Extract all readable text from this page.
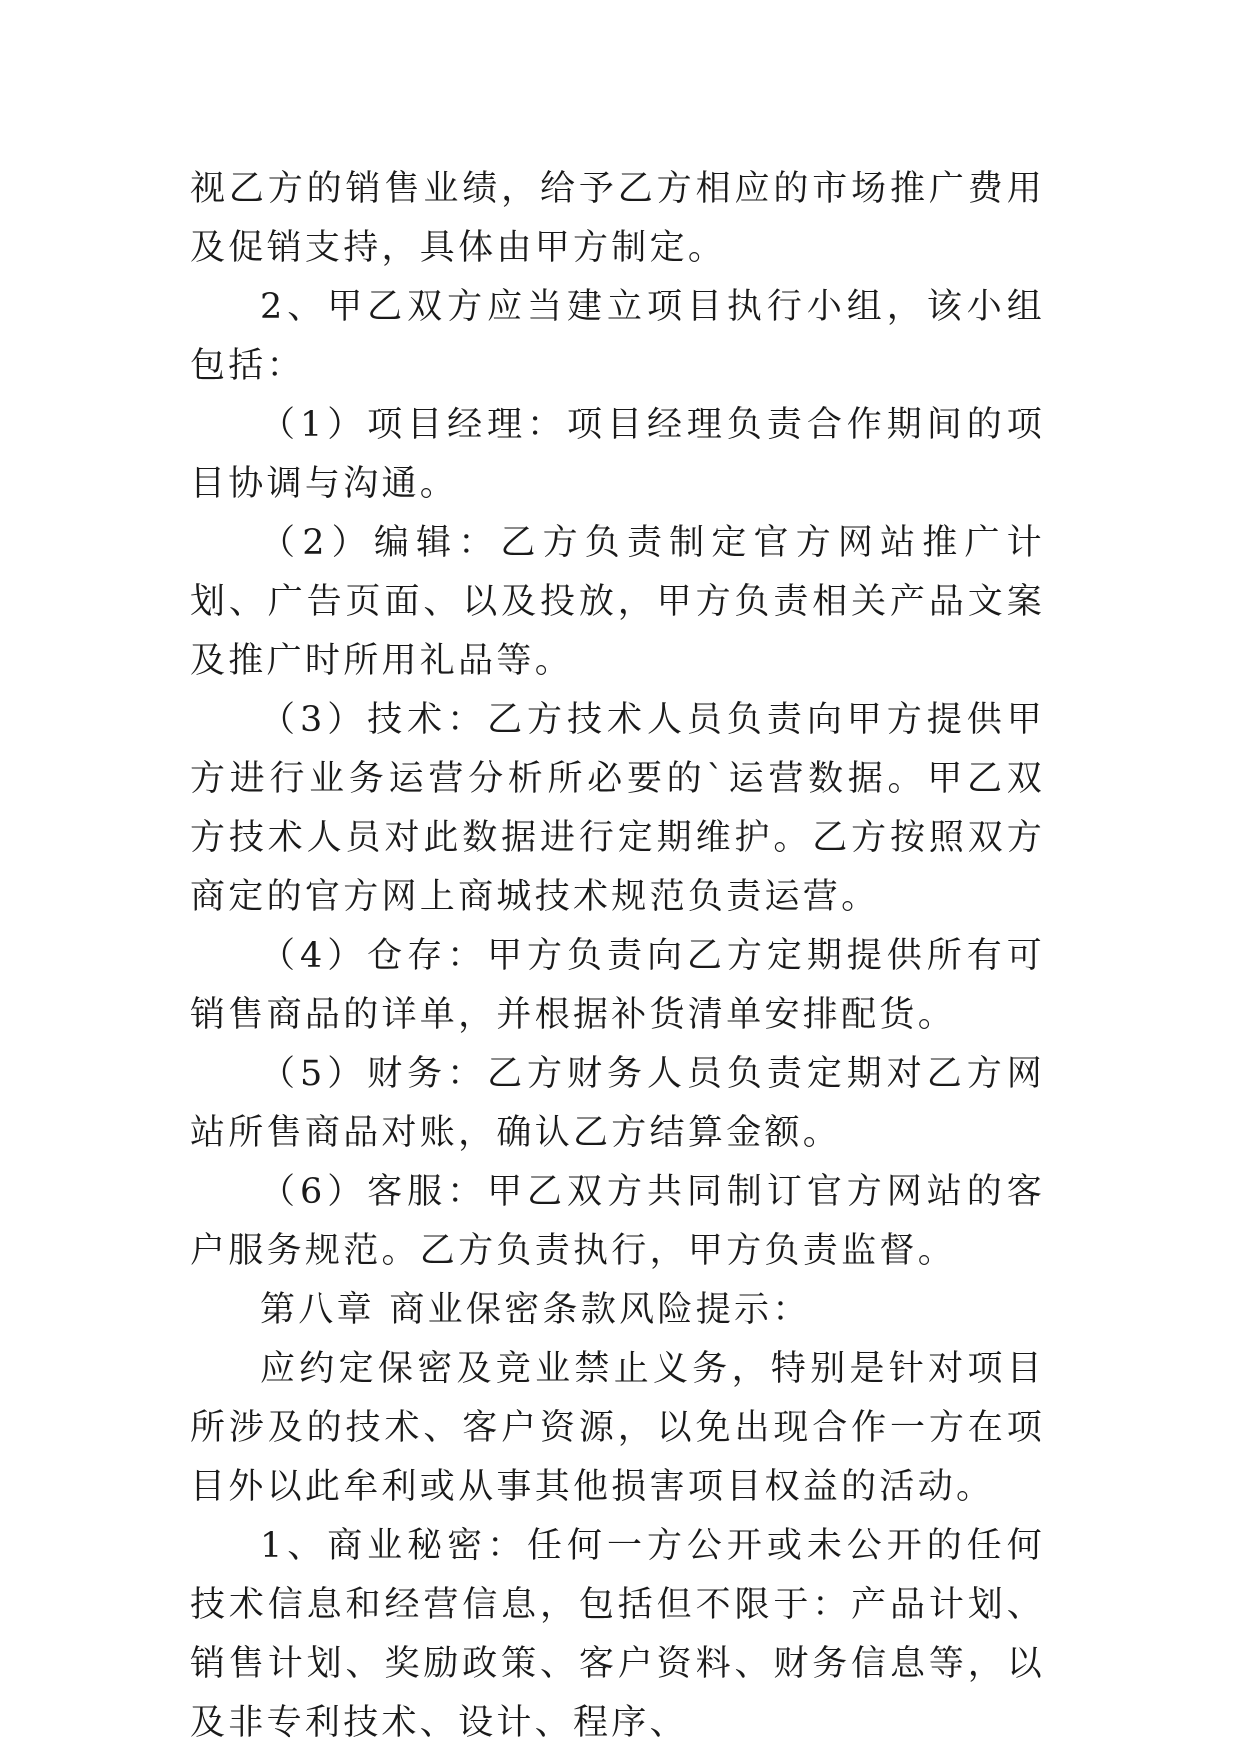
视乙方的销售业绩，给予乙方相应的市场推广费用及促销支持，具体由甲方制定。

2、甲乙双方应当建立项目执行小组，该小组包括：

（1）项目经理：项目经理负责合作期间的项目协调与沟通。

（2）编辑：乙方负责制定官方网站推广计划、广告页面、以及投放，甲方负责相关产品文案及推广时所用礼品等。

（3）技术：乙方技术人员负责向甲方提供甲方进行业务运营分析所必要的`运营数据。甲乙双方技术人员对此数据进行定期维护。乙方按照双方商定的官方网上商城技术规范负责运营。

（4）仓存：甲方负责向乙方定期提供所有可销售商品的详单，并根据补货清单安排配货。

（5）财务：乙方财务人员负责定期对乙方网站所售商品对账，确认乙方结算金额。

（6）客服：甲乙双方共同制订官方网站的客户服务规范。乙方负责执行，甲方负责监督。

第八章 商业保密条款风险提示：

应约定保密及竞业禁止义务，特别是针对项目所涉及的技术、客户资源，以免出现合作一方在项目外以此牟利或从事其他损害项目权益的活动。

1、商业秘密：任何一方公开或未公开的任何技术信息和经营信息，包括但不限于：产品计划、销售计划、奖励政策、客户资料、财务信息等，以及非专利技术、设计、程序、
